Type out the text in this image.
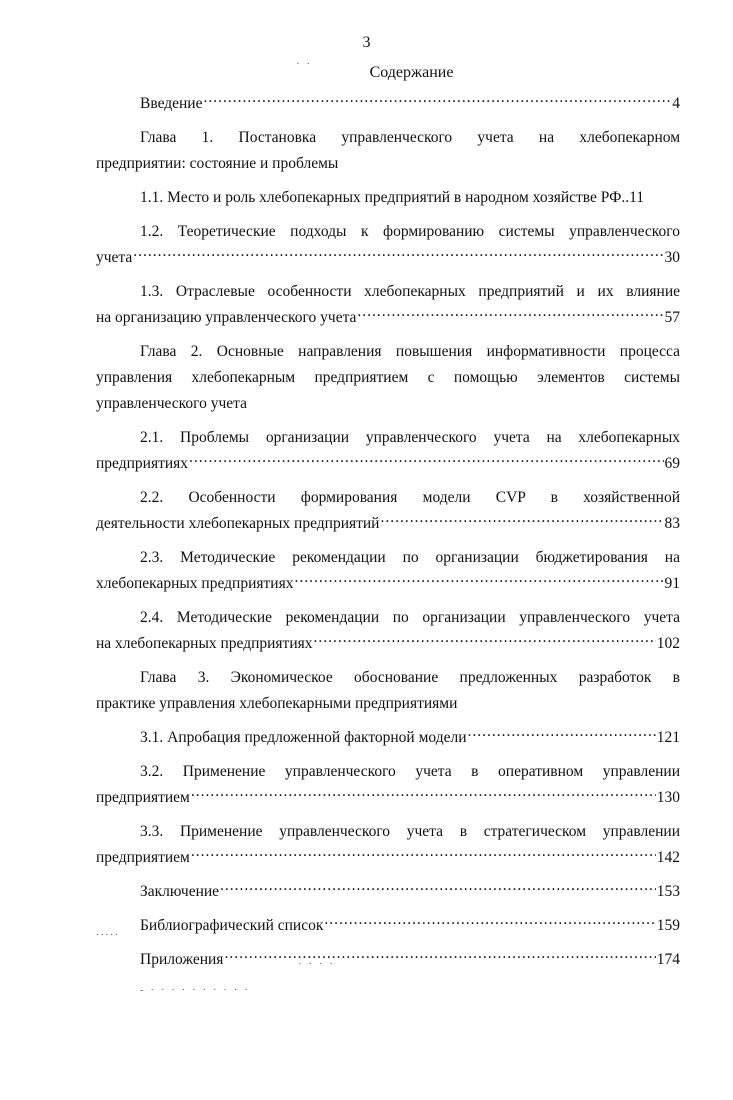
3
Содержание
Введение .....	4
Глава 1. Постановка управленческого учета на хлебопекарном
предприятии: состояние и проблемы
1.1. Место и роль хлебопекарных предприятий в народном хозяйстве РФ .. 11
1.2. Теоретические подходы к формированию системы управленческого
учета .....	30
1.3. Отраслевые особенности хлебопекарных предприятий и их влияние
на организацию управленческого учета .....	57
Глава 2. Основные направления повышения информативности процесса
управления хлебопекарным предприятием с помощью элементов системы
управленческого учета
2.1. Проблемы организации управленческого учета на хлебопекарных
предприятиях .....	69
2.2. Особенности формирования модели CVP в хозяйственной
деятельности хлебопекарных предприятий .....	83
2.3. Методические рекомендации по организации бюджетирования на
хлебопекарных предприятиях .....	91
2.4. Методические рекомендации по организации управленческого учета
на хлебопекарных предприятиях .....	102
Глава 3. Экономическое обоснование предложенных разработок в
практике управления хлебопекарными предприятиями
3.1. Апробация предложенной факторной модели .....	121
3.2. Применение управленческого учета в оперативном управлении
предприятием .....	130
3.3. Применение управленческого учета в стратегическом управлении
предприятием .....	142
Заключение .....	153
Библиографический список .....	159
Приложения .....	174
· ·
.....
· · · ·
- · · · · · · · · · ·
